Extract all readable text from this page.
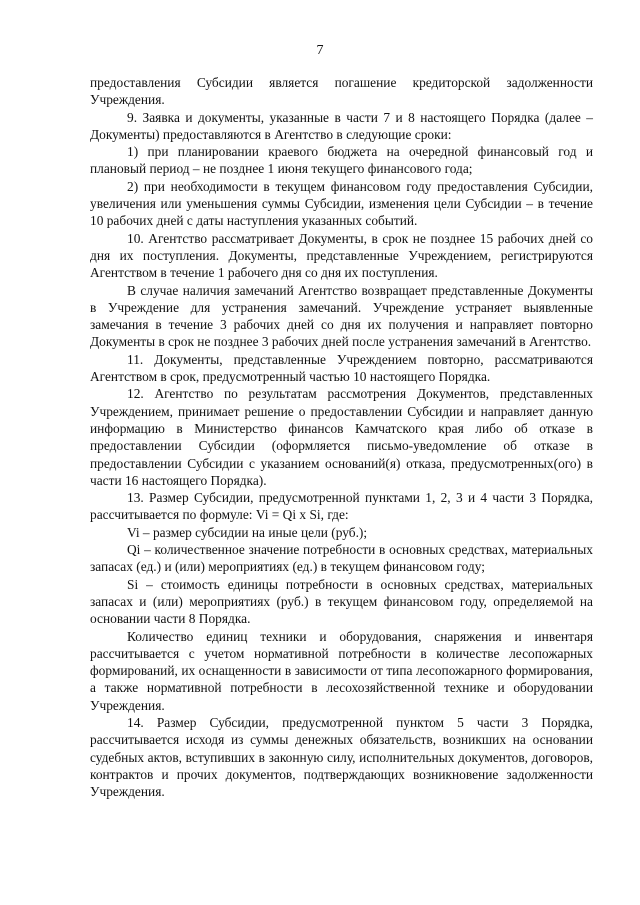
7

предоставления Субсидии является погашение кредиторской задолженности Учреждения.

9. Заявка и документы, указанные в части 7 и 8 настоящего Порядка (далее – Документы) предоставляются в Агентство в следующие сроки:

1) при планировании краевого бюджета на очередной финансовый год и плановый период – не позднее 1 июня текущего финансового года;

2) при необходимости в текущем финансовом году предоставления Субсидии, увеличения или уменьшения суммы Субсидии, изменения цели Субсидии – в течение 10 рабочих дней с даты наступления указанных событий.

10. Агентство рассматривает Документы, в срок не позднее 15 рабочих дней со дня их поступления. Документы, представленные Учреждением, регистрируются Агентством в течение 1 рабочего дня со дня их поступления.

В случае наличия замечаний Агентство возвращает представленные Документы в Учреждение для устранения замечаний. Учреждение устраняет выявленные замечания в течение 3 рабочих дней со дня их получения и направляет повторно Документы в срок не позднее 3 рабочих дней после устранения замечаний в Агентство.

11. Документы, представленные Учреждением повторно, рассматриваются Агентством в срок, предусмотренный частью 10 настоящего Порядка.

12. Агентство по результатам рассмотрения Документов, представленных Учреждением, принимает решение о предоставлении Субсидии и направляет данную информацию в Министерство финансов Камчатского края либо об отказе в предоставлении Субсидии (оформляется письмо-уведомление об отказе в предоставлении Субсидии с указанием оснований(я) отказа, предусмотренных(ого) в части 16 настоящего Порядка).

13. Размер Субсидии, предусмотренной пунктами 1, 2, 3 и 4 части 3 Порядка, рассчитывается по формуле: Vi = Qi x Si, где:

Vi – размер субсидии на иные цели (руб.);

Qi – количественное значение потребности в основных средствах, материальных запасах (ед.) и (или) мероприятиях (ед.) в текущем финансовом году;

Si – стоимость единицы потребности в основных средствах, материальных запасах и (или) мероприятиях (руб.) в текущем финансовом году, определяемой на основании части 8 Порядка.

Количество единиц техники и оборудования, снаряжения и инвентаря рассчитывается с учетом нормативной потребности в количестве лесопожарных формирований, их оснащенности в зависимости от типа лесопожарного формирования, а также нормативной потребности в лесохозяйственной технике и оборудовании Учреждения.

14. Размер Субсидии, предусмотренной пунктом 5 части 3 Порядка, рассчитывается исходя из суммы денежных обязательств, возникших на основании судебных актов, вступивших в законную силу, исполнительных документов, договоров, контрактов и прочих документов, подтверждающих возникновение задолженности Учреждения.
